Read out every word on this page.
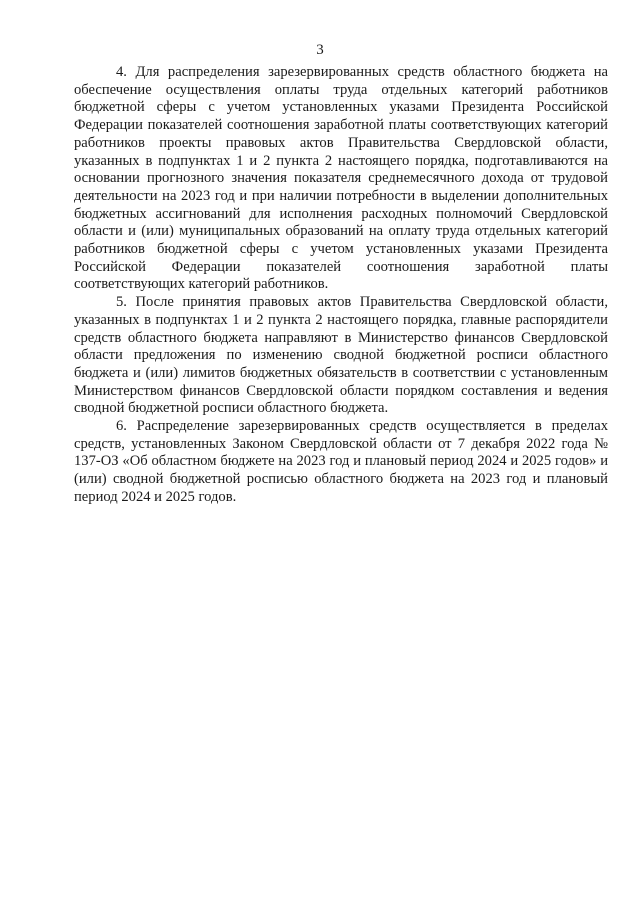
3

4. Для распределения зарезервированных средств областного бюджета на обеспечение осуществления оплаты труда отдельных категорий работников бюджетной сферы с учетом установленных указами Президента Российской Федерации показателей соотношения заработной платы соответствующих категорий работников проекты правовых актов Правительства Свердловской области, указанных в подпунктах 1 и 2 пункта 2 настоящего порядка, подготавливаются на основании прогнозного значения показателя среднемесячного дохода от трудовой деятельности на 2023 год и при наличии потребности в выделении дополнительных бюджетных ассигнований для исполнения расходных полномочий Свердловской области и (или) муниципальных образований на оплату труда отдельных категорий работников бюджетной сферы с учетом установленных указами Президента Российской Федерации показателей соотношения заработной платы соответствующих категорий работников.

5. После принятия правовых актов Правительства Свердловской области, указанных в подпунктах 1 и 2 пункта 2 настоящего порядка, главные распорядители средств областного бюджета направляют в Министерство финансов Свердловской области предложения по изменению сводной бюджетной росписи областного бюджета и (или) лимитов бюджетных обязательств в соответствии с установленным Министерством финансов Свердловской области порядком составления и ведения сводной бюджетной росписи областного бюджета.

6. Распределение зарезервированных средств осуществляется в пределах средств, установленных Законом Свердловской области от 7 декабря 2022 года № 137-ОЗ «Об областном бюджете на 2023 год и плановый период 2024 и 2025 годов» и (или) сводной бюджетной росписью областного бюджета на 2023 год и плановый период 2024 и 2025 годов.
